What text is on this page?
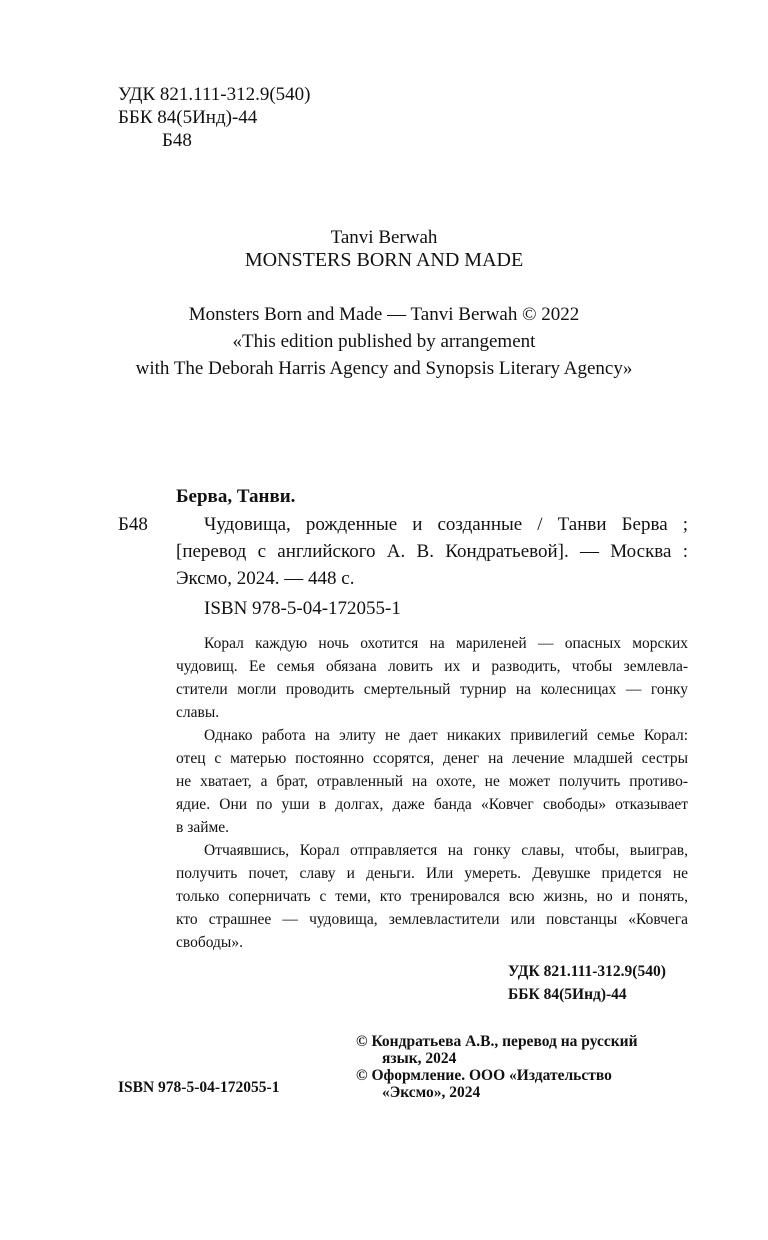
УДК 821.111-312.9(540)
ББК 84(5Инд)-44
Б48
Tanvi Berwah
MONSTERS BORN AND MADE
Monsters Born and Made — Tanvi Berwah © 2022
«This edition published by arrangement
with The Deborah Harris Agency and Synopsis Literary Agency»
Берва, Танви.
Б48	Чудовища, рожденные и созданные / Танви Берва ;
[перевод с английского А. В. Кондратьевой]. — Москва :
Эксмо, 2024. — 448 с.
ISBN 978-5-04-172055-1

Корал каждую ночь охотится на мариленей — опасных морских
чудовищ. Ее семья обязана ловить их и разводить, чтобы землевла-
стители могли проводить смертельный турнир на колесницах — гонку
славы.

Однако работа на элиту не дает никаких привилегий семье Корал:
отец с матерью постоянно ссорятся, денег на лечение младшей сестры
не хватает, а брат, отравленный на охоте, не может получить противо-
ядие. Они по уши в долгах, даже банда «Ковчег свободы» отказывает
в займе.

Отчаявшись, Корал отправляется на гонку славы, чтобы, выиграв,
получить почет, славу и деньги. Или умереть. Девушке придется не
только соперничать с теми, кто тренировался всю жизнь, но и понять,
кто страшнее — чудовища, землевластители или повстанцы «Ковчега
свободы».

УДК 821.111-312.9(540)
ББК 84(5Инд)-44
ISBN 978-5-04-172055-1
© Кондратьева А.В., перевод на русский
язык, 2024
© Оформление. ООО «Издательство
«Эксмо», 2024
